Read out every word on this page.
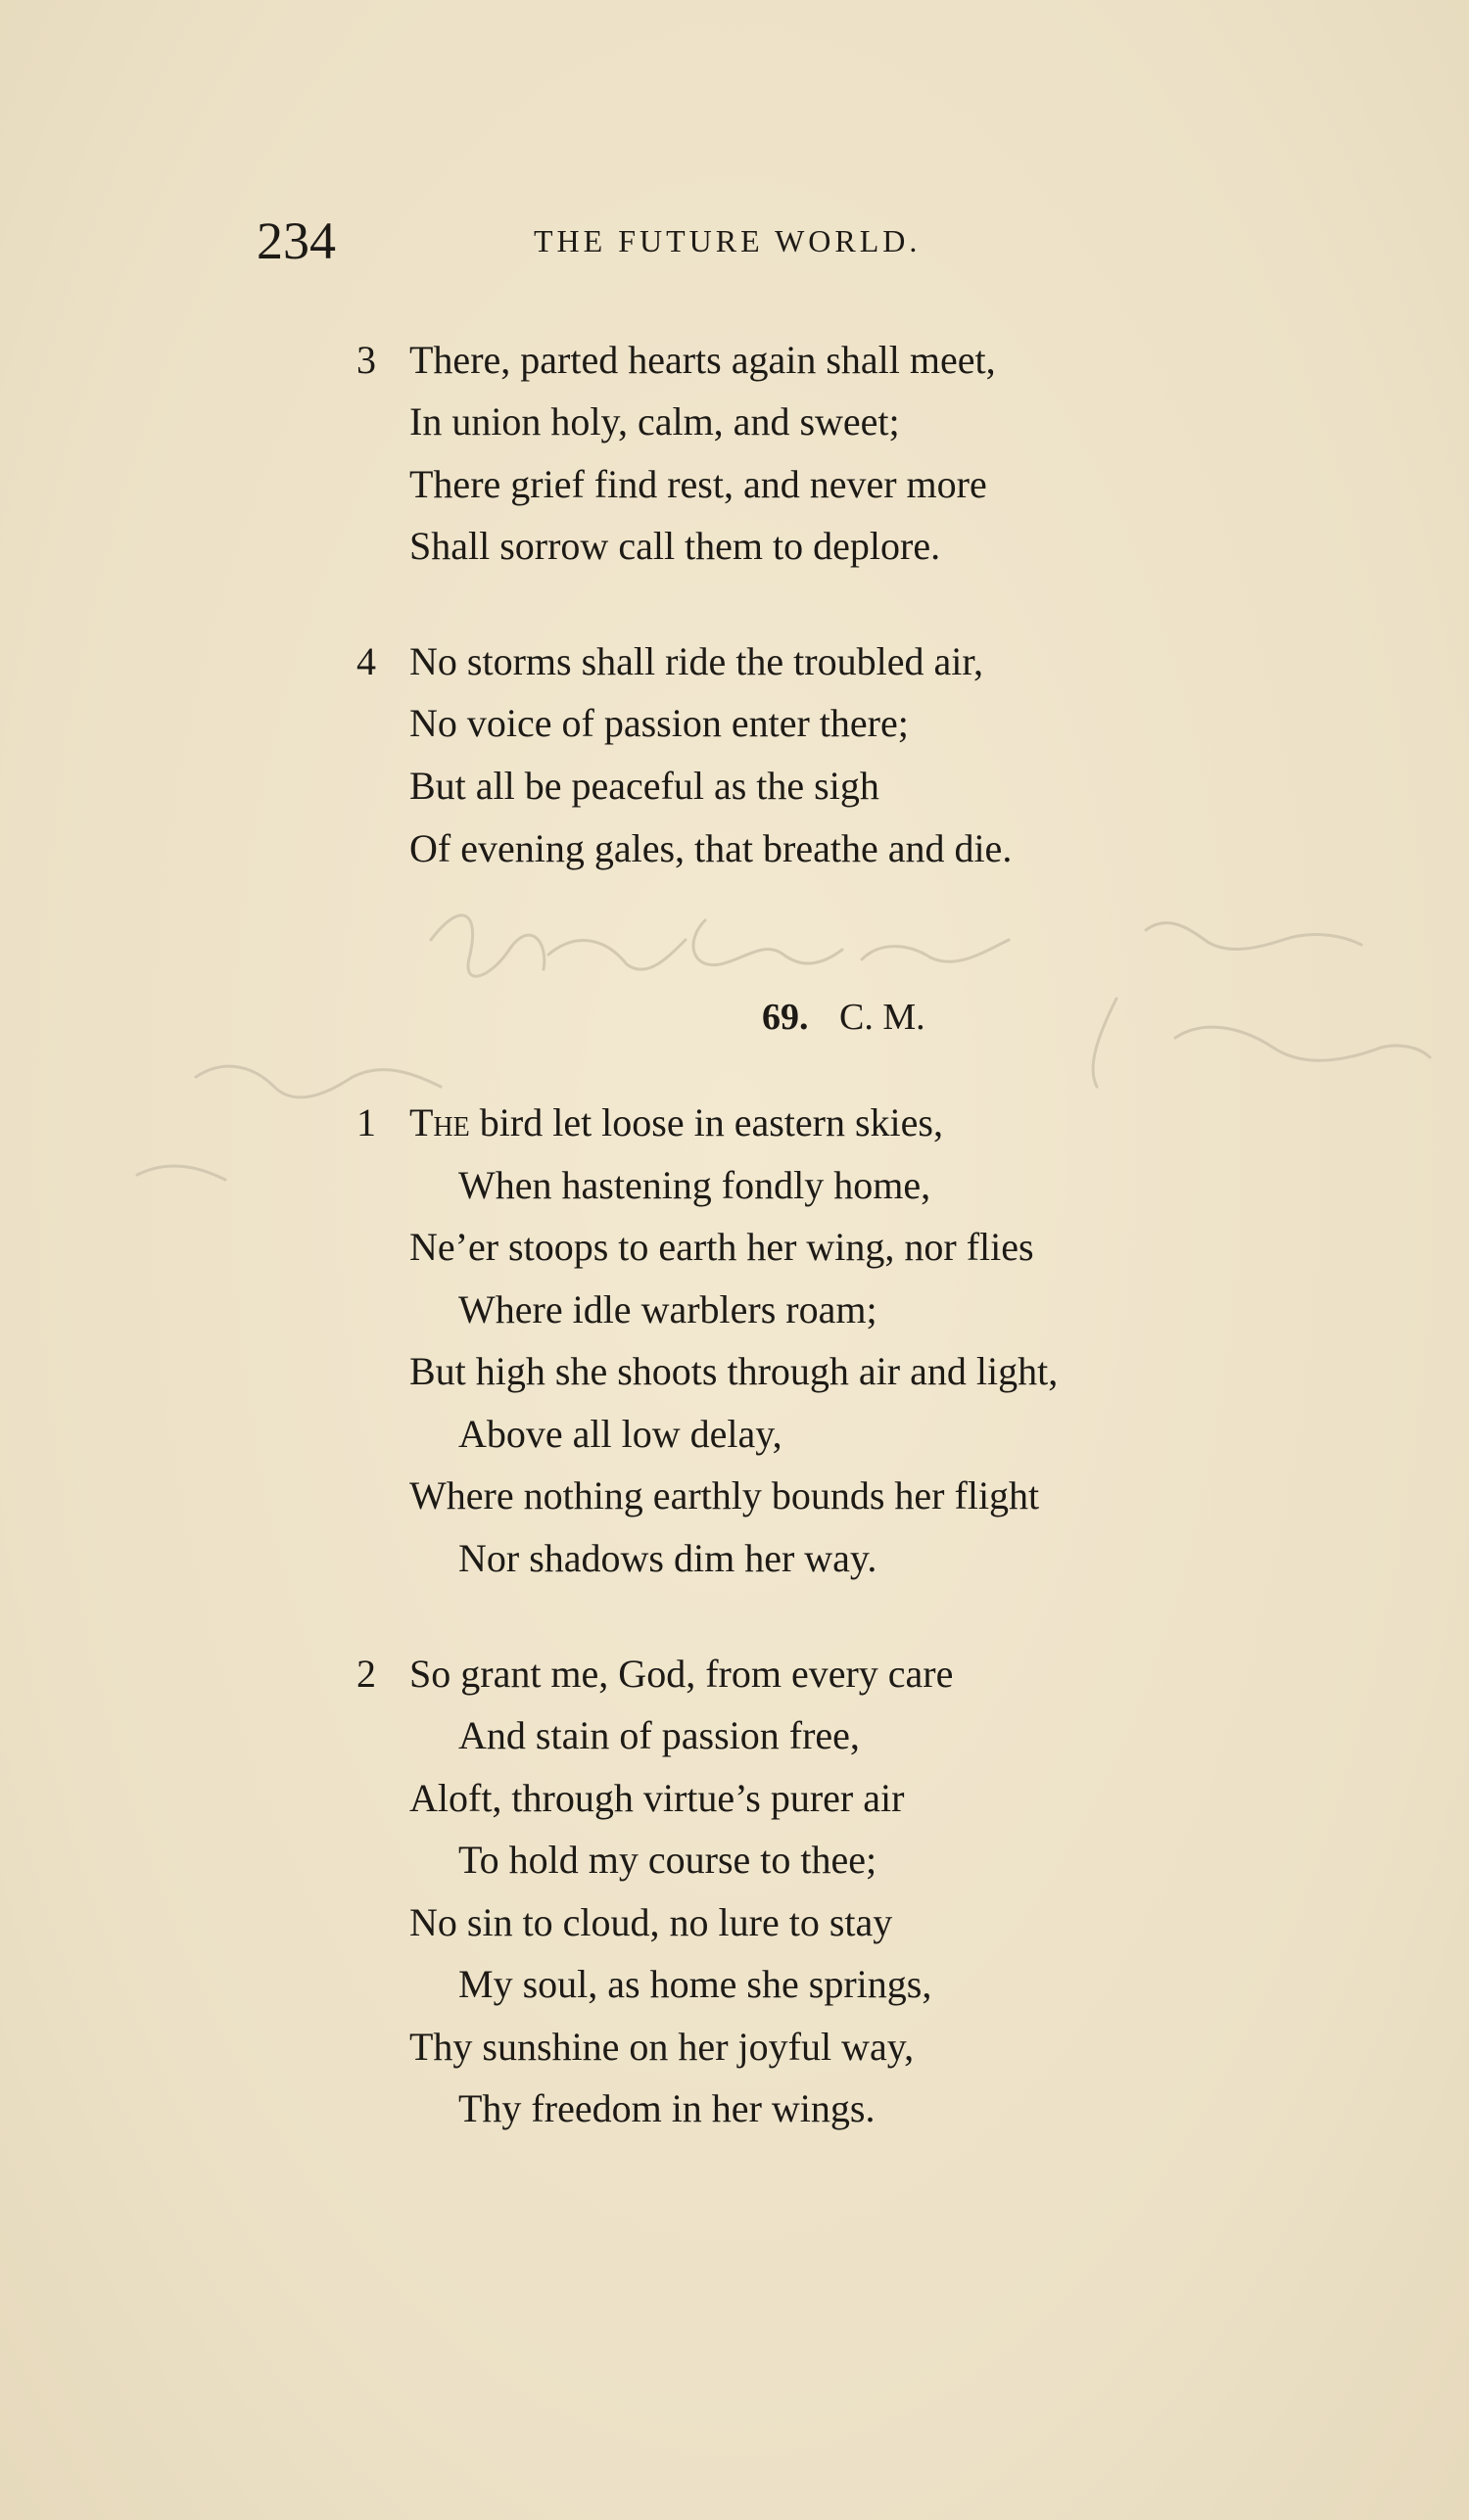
234	THE FUTURE WORLD.
3 There, parted hearts again shall meet,
In union holy, calm, and sweet;
There grief find rest, and never more
Shall sorrow call them to deplore.
4 No storms shall ride the troubled air,
No voice of passion enter there;
But all be peaceful as the sigh
Of evening gales, that breathe and die.
69. C. M.
1 The bird let loose in eastern skies,
When hastening fondly home,
Ne’er stoops to earth her wing, nor flies
Where idle warblers roam;
But high she shoots through air and light,
Above all low delay,
Where nothing earthly bounds her flight
Nor shadows dim her way.
2 So grant me, God, from every care
And stain of passion free,
Aloft, through virtue’s purer air
To hold my course to thee;
No sin to cloud, no lure to stay
My soul, as home she springs,
Thy sunshine on her joyful way,
Thy freedom in her wings.
